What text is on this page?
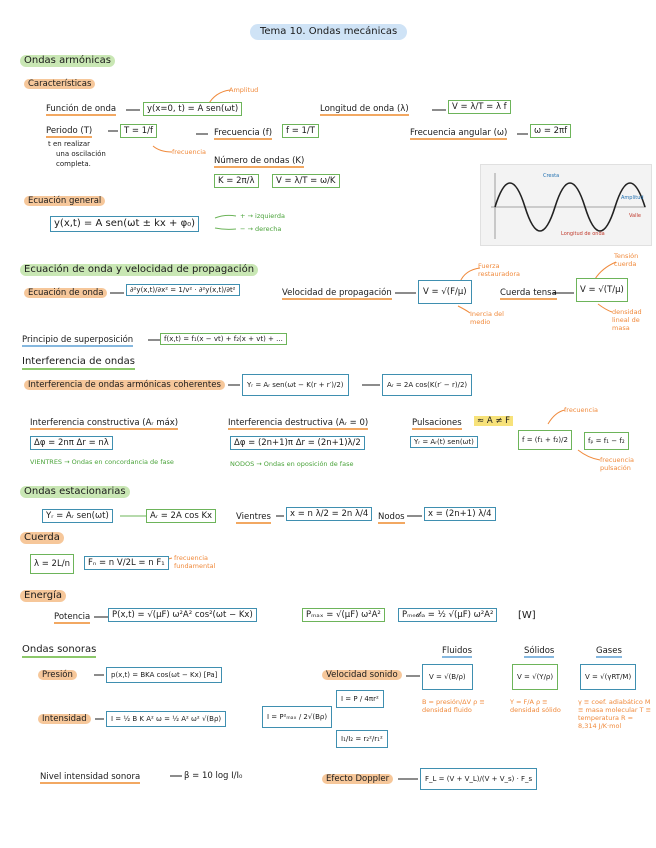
Tema 10. Ondas mecánicas
Ondas armónicas
Características
Amplitud
Función de onda	y(x=0, t) = A sen(ωt)	Longitud de onda (λ)	V = λ/T = λ f
Periodo (T)	T = 1/f
t en realizar
una oscilación
completa.
frecuencia
Frecuencia (f)	f = 1/T	Frecuencia angular (ω)	ω = 2πf
Número de ondas (K)
K = 2π/λ	V = λ/T = ω/K
Ecuación general
y(x,t) = A sen(ωt ± kx + φ₀)
+ → izquierda
− → derecha
Cresta
Valle
Amplitud
Longitud de onda
Ecuación de onda y velocidad de propagación
Ecuación de onda	∂²y(x,t)/∂x² = 1/v² · ∂²y(x,t)/∂t²	Velocidad de propagación	V = √(F/μ)
Fuerza restauradora
Inercia del medio
Cuerda tensa	V = √(T/μ)
Tensión cuerda
densidad lineal de masa
Principio de superposición	f(x,t) = f₁(x − vt) + f₂(x + vt) + ...
Interferencia de ondas
Interferencia de ondas armónicas coherentes	Yᵣ = Aᵣ sen(ωt − K(r + r′)/2)	Aᵣ = 2A cos(K(r′ − r)/2)
Interferencia constructiva (Aᵣ máx)
Δφ = 2nπ Δr = nλ
VIENTRES → Ondas en concordancia de fase
Interferencia destructiva (Aᵣ = 0)
Δφ = (2n+1)π Δr = (2n+1)λ/2
NODOS → Ondas en oposición de fase
Pulsaciones	≈ A ≠ F
Yᵣ = Aᵣ(t) sen(ωt)	f = (f₁ + f₂)/2
frecuencia
fₚ = f₁ − f₂
frecuencia pulsación
Ondas estacionarias
Yᵣ = Aᵣ sen(ωt)	Aᵣ = 2A cos Kx	Vientres	x = n λ/2 = 2n λ/4	Nodos	x = (2n+1) λ/4
Cuerda
λ = 2L/n	Fₙ = n V/2L = n F₁	frecuencia fundamental
Energía
Potencia	P(x,t) = √(μF) ω²A² cos²(ωt − Kx)	Pₘₐₓ = √(μF) ω²A²	Pₘₑ𝒹ᵢₐ = ½ √(μF) ω²A²	[W]
Ondas sonoras
Presión	p(x,t) = BKA cos(ωt − Kx) [Pa]	Velocidad sonido
Fluidos	Sólidos	Gases
V = √(B/ρ)	V = √(Y/ρ)	V = √(γRT/M)
B = presión/ΔV ρ ≡ densidad fluido
Y = F/A ρ ≡ densidad sólido
γ ≡ coef. adiabático M ≡ masa molecular T ≡ temperatura R = 8,314 J/K·mol
Intensidad	I = ½ B K A² ω = ½ A² ω² √(Bρ)	I = P²ₘₐₓ / 2√(Bρ)
I = P / 4πr²
I₁/I₂ = r₂²/r₁²
Nivel intensidad sonora	β = 10 log I/I₀	Efecto Doppler	F_L = (V + V_L)/(V + V_s) · F_s
